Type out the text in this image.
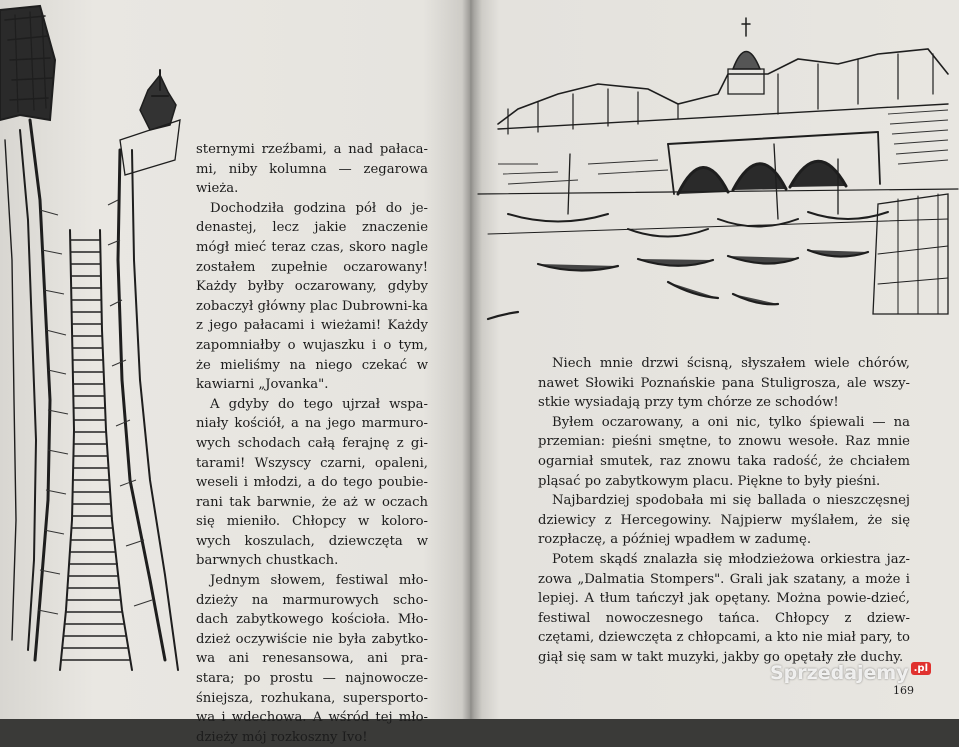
sternymi rzeźbami, a nad pałaca-mi, niby kolumna — zegarowa wieża.

Dochodziła godzina pół do je-denastej, lecz jakie znaczenie mógł mieć teraz czas, skoro nagle zostałem zupełnie oczarowany! Każdy byłby oczarowany, gdyby zobaczył główny plac Dubrowni-ka z jego pałacami i wieżami! Każdy zapomniałby o wujaszku i o tym, że mieliśmy na niego czekać w kawiarni „Jovanka".

A gdyby do tego ujrzał wspa-niały kościół, a na jego marmuro-wych schodach całą ferajnę z gi-tarami! Wszyscy czarni, opaleni, weseli i młodzi, a do tego poubie-rani tak barwnie, że aż w oczach się mieniło. Chłopcy w koloro-wych koszulach, dziewczęta w barwnych chustkach.

Jednym słowem, festiwal mło-dzieży na marmurowych scho-dach zabytkowego kościoła. Mło-dzież oczywiście nie była zabytko-wa ani renesansowa, ani pra-stara; po prostu — najnowocze-śniejsza, rozhukana, supersporto-wa i wdechowa. A wśród tej mło-dzieży mój rozkoszny Ivo!

Niech mnie drzwi ścisną, słyszałem wiele chórów, nawet Słowiki Poznańskie pana Stuligrosza, ale wszy-stkie wysiadają przy tym chórze ze schodów!

Byłem oczarowany, a oni nic, tylko śpiewali — na przemian: pieśni smętne, to znowu wesołe. Raz mnie ogarniał smutek, raz znowu taka radość, że chciałem pląsać po zabytkowym placu. Piękne to były pieśni.

Najbardziej spodobała mi się ballada o nieszczęsnej dziewicy z Hercegowiny. Najpierw myślałem, że się rozpłaczę, a później wpadłem w zadumę.

Potem skądś znalazła się młodzieżowa orkiestra jaz-zowa „Dalmatia Stompers". Grali jak szatany, a może i lepiej. A tłum tańczył jak opętany. Można powie-dzieć, festiwal nowoczesnego tańca. Chłopcy z dziew-czętami, dziewczęta z chłopcami, a kto nie miał pary, to giął się sam w takt muzyki, jakby go opętały złe duchy.

169
Sprzedajemy .pl
